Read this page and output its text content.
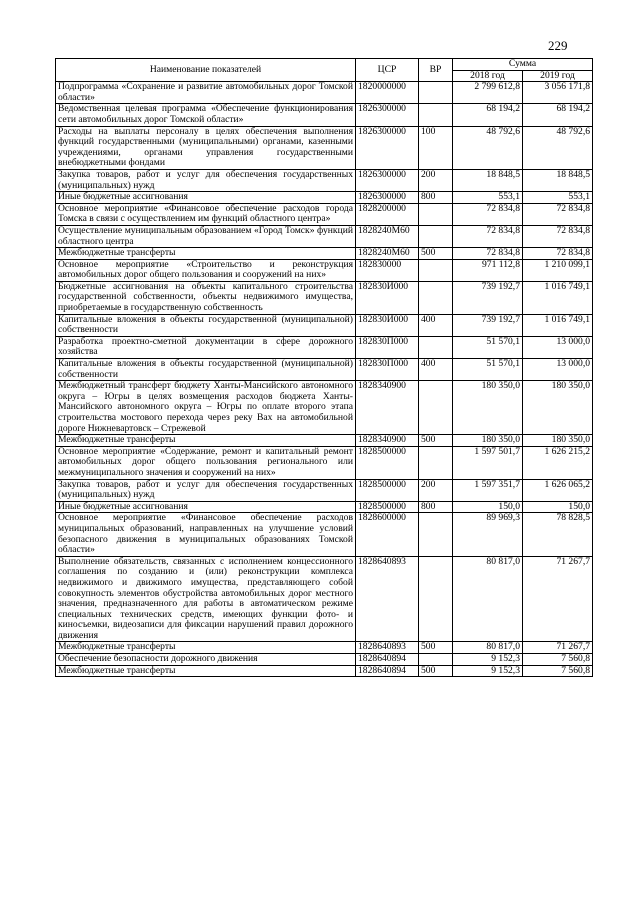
229
Наименование показателей	ЦСР	ВР	Сумма	
			2018 год	2019 год
Подпрограмма «Сохранение и развитие автомобильных дорог Томской области»	1820000000		2 799 612,8	3 056 171,8
Ведомственная целевая программа «Обеспечение функционирования сети автомобильных дорог Томской области»	1826300000		68 194,2	68 194,2
Расходы на выплаты персоналу в целях обеспечения выполнения функций государственными (муниципальными) органами, казенными учреждениями, органами управления государственными внебюджетными фондами	1826300000	100	48 792,6	48 792,6
Закупка товаров, работ и услуг для обеспечения государственных (муниципальных) нужд	1826300000	200	18 848,5	18 848,5
Иные бюджетные ассигнования	1826300000	800	553,1	553,1
Основное мероприятие «Финансовое обеспечение расходов города Томска в связи с осуществлением им функций областного центра»	1828200000		72 834,8	72 834,8
Осуществление муниципальным образованием «Город Томск» функций областного центра	1828240М60		72 834,8	72 834,8
Межбюджетные трансферты	1828240М60	500	72 834,8	72 834,8
Основное мероприятие «Строительство и реконструкция автомобильных дорог общего пользования и сооружений на них»	182830000		971 112,8	1 210 099,1
Бюджетные ассигнования на объекты капитального строительства государственной собственности, объекты недвижимого имущества, приобретаемые в государственную собственность	182830И000		739 192,7	1 016 749,1
Капитальные вложения в объекты государственной (муниципальной) собственности	182830И000	400	739 192,7	1 016 749,1
Разработка проектно-сметной документации в сфере дорожного хозяйства	182830П000		51 570,1	13 000,0
Капитальные вложения в объекты государственной (муниципальной) собственности	182830П000	400	51 570,1	13 000,0
Межбюджетный трансферт бюджету Ханты-Мансийского автономного округа – Югры в целях возмещения расходов бюджета Ханты-Мансийского автономного округа – Югры по оплате второго этапа строительства мостового перехода через реку Вах на автомобильной дороге Нижневартовск – Стрежевой	1828340900		180 350,0	180 350,0
Межбюджетные трансферты	1828340900	500	180 350,0	180 350,0
Основное мероприятие «Содержание, ремонт и капитальный ремонт автомобильных дорог общего пользования регионального или межмуниципального значения и сооружений на них»	1828500000		1 597 501,7	1 626 215,2
Закупка товаров, работ и услуг для обеспечения государственных (муниципальных) нужд	1828500000	200	1 597 351,7	1 626 065,2
Иные бюджетные ассигнования	1828500000	800	150,0	150,0
Основное мероприятие «Финансовое обеспечение расходов муниципальных образований, направленных на улучшение условий безопасного движения в муниципальных образованиях Томской области»	1828600000		89 969,3	78 828,5
Выполнение обязательств, связанных с исполнением концессионного соглашения по созданию и (или) реконструкции комплекса недвижимого и движимого имущества, представляющего собой совокупность элементов обустройства автомобильных дорог местного значения, предназначенного для работы в автоматическом режиме специальных технических средств, имеющих функции фото- и киносъемки, видеозаписи для фиксации нарушений правил дорожного движения	1828640893		80 817,0	71 267,7
Межбюджетные трансферты	1828640893	500	80 817,0	71 267,7
Обеспечение безопасности дорожного движения	1828640894		9 152,3	7 560,8
Межбюджетные трансферты	1828640894	500	9 152,3	7 560,8
